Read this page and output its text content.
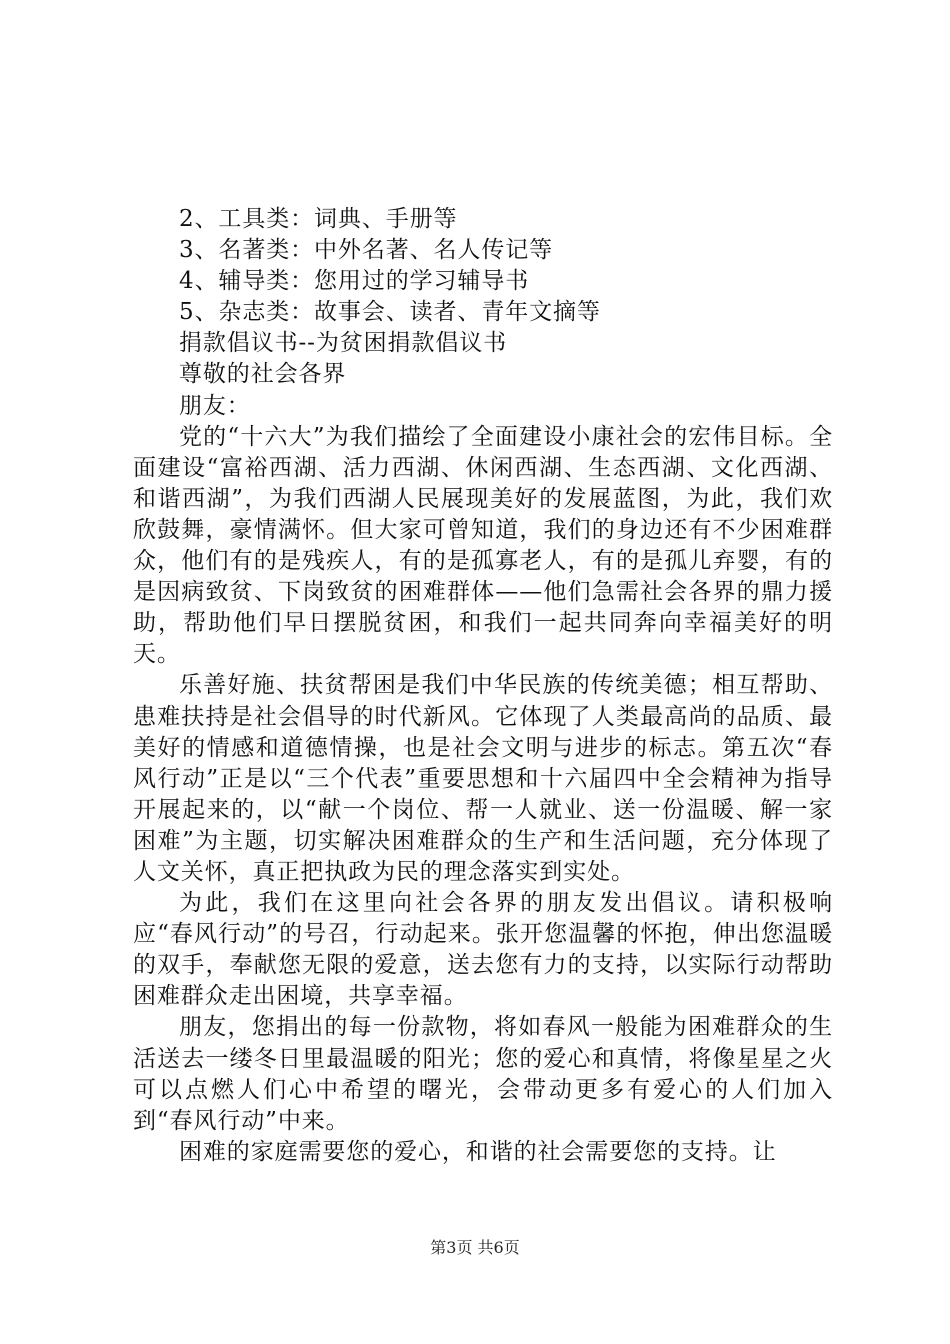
2、工具类：词典、手册等

3、名著类：中外名著、名人传记等

4、辅导类：您用过的学习辅导书

5、杂志类：故事会、读者、青年文摘等

捐款倡议书--为贫困捐款倡议书

尊敬的社会各界

朋友：

党的“十六大”为我们描绘了全面建设小康社会的宏伟目标。全面建设“富裕西湖、活力西湖、休闲西湖、生态西湖、文化西湖、和谐西湖”，为我们西湖人民展现美好的发展蓝图，为此，我们欢欣鼓舞，豪情满怀。但大家可曾知道，我们的身边还有不少困难群众，他们有的是残疾人，有的是孤寡老人，有的是孤儿弃婴，有的是因病致贫、下岗致贫的困难群体——他们急需社会各界的鼎力援助，帮助他们早日摆脱贫困，和我们一起共同奔向幸福美好的明天。

乐善好施、扶贫帮困是我们中华民族的传统美德；相互帮助、患难扶持是社会倡导的时代新风。它体现了人类最高尚的品质、最美好的情感和道德情操，也是社会文明与进步的标志。第五次“春风行动”正是以“三个代表”重要思想和十六届四中全会精神为指导开展起来的，以“献一个岗位、帮一人就业、送一份温暖、解一家困难”为主题，切实解决困难群众的生产和生活问题，充分体现了人文关怀，真正把执政为民的理念落实到实处。

为此，我们在这里向社会各界的朋友发出倡议。请积极响应“春风行动”的号召，行动起来。张开您温馨的怀抱，伸出您温暖的双手，奉献您无限的爱意，送去您有力的支持，以实际行动帮助困难群众走出困境，共享幸福。

朋友，您捐出的每一份款物，将如春风一般能为困难群众的生活送去一缕冬日里最温暖的阳光；您的爱心和真情，将像星星之火可以点燃人们心中希望的曙光，会带动更多有爱心的人们加入到“春风行动”中来。

困难的家庭需要您的爱心，和谐的社会需要您的支持。让

第3页 共6页
